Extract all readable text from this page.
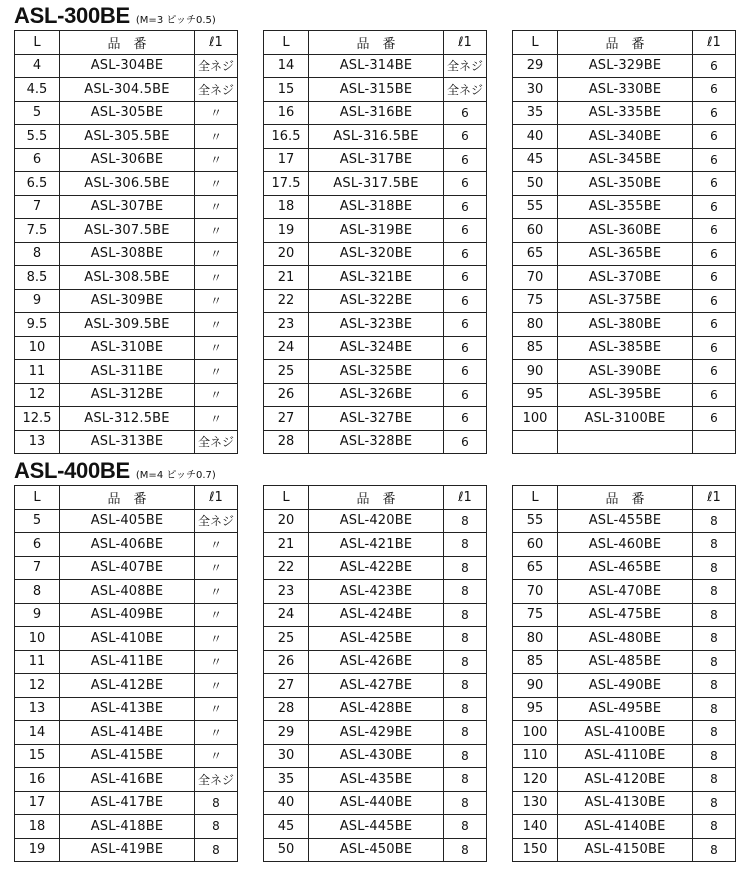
ASL-300BE (M=3 ピッチ0.5)
L	品　番	ℓ1
4	ASL-304BE	全ネジ
4.5	ASL-304.5BE	全ネジ
5	ASL-305BE	〃
5.5	ASL-305.5BE	〃
6	ASL-306BE	〃
6.5	ASL-306.5BE	〃
7	ASL-307BE	〃
7.5	ASL-307.5BE	〃
8	ASL-308BE	〃
8.5	ASL-308.5BE	〃
9	ASL-309BE	〃
9.5	ASL-309.5BE	〃
10	ASL-310BE	〃
11	ASL-311BE	〃
12	ASL-312BE	〃
12.5	ASL-312.5BE	〃
13	ASL-313BE	全ネジ
L	品　番	ℓ1
14	ASL-314BE	全ネジ
15	ASL-315BE	全ネジ
16	ASL-316BE	6
16.5	ASL-316.5BE	6
17	ASL-317BE	6
17.5	ASL-317.5BE	6
18	ASL-318BE	6
19	ASL-319BE	6
20	ASL-320BE	6
21	ASL-321BE	6
22	ASL-322BE	6
23	ASL-323BE	6
24	ASL-324BE	6
25	ASL-325BE	6
26	ASL-326BE	6
27	ASL-327BE	6
28	ASL-328BE	6
L	品　番	ℓ1
29	ASL-329BE	6
30	ASL-330BE	6
35	ASL-335BE	6
40	ASL-340BE	6
45	ASL-345BE	6
50	ASL-350BE	6
55	ASL-355BE	6
60	ASL-360BE	6
65	ASL-365BE	6
70	ASL-370BE	6
75	ASL-375BE	6
80	ASL-380BE	6
85	ASL-385BE	6
90	ASL-390BE	6
95	ASL-395BE	6
100	ASL-3100BE	6

ASL-400BE (M=4 ピッチ0.7)
L	品　番	ℓ1
5	ASL-405BE	全ネジ
6	ASL-406BE	〃
7	ASL-407BE	〃
8	ASL-408BE	〃
9	ASL-409BE	〃
10	ASL-410BE	〃
11	ASL-411BE	〃
12	ASL-412BE	〃
13	ASL-413BE	〃
14	ASL-414BE	〃
15	ASL-415BE	〃
16	ASL-416BE	全ネジ
17	ASL-417BE	8
18	ASL-418BE	8
19	ASL-419BE	8
L	品　番	ℓ1
20	ASL-420BE	8
21	ASL-421BE	8
22	ASL-422BE	8
23	ASL-423BE	8
24	ASL-424BE	8
25	ASL-425BE	8
26	ASL-426BE	8
27	ASL-427BE	8
28	ASL-428BE	8
29	ASL-429BE	8
30	ASL-430BE	8
35	ASL-435BE	8
40	ASL-440BE	8
45	ASL-445BE	8
50	ASL-450BE	8
L	品　番	ℓ1
55	ASL-455BE	8
60	ASL-460BE	8
65	ASL-465BE	8
70	ASL-470BE	8
75	ASL-475BE	8
80	ASL-480BE	8
85	ASL-485BE	8
90	ASL-490BE	8
95	ASL-495BE	8
100	ASL-4100BE	8
110	ASL-4110BE	8
120	ASL-4120BE	8
130	ASL-4130BE	8
140	ASL-4140BE	8
150	ASL-4150BE	8
